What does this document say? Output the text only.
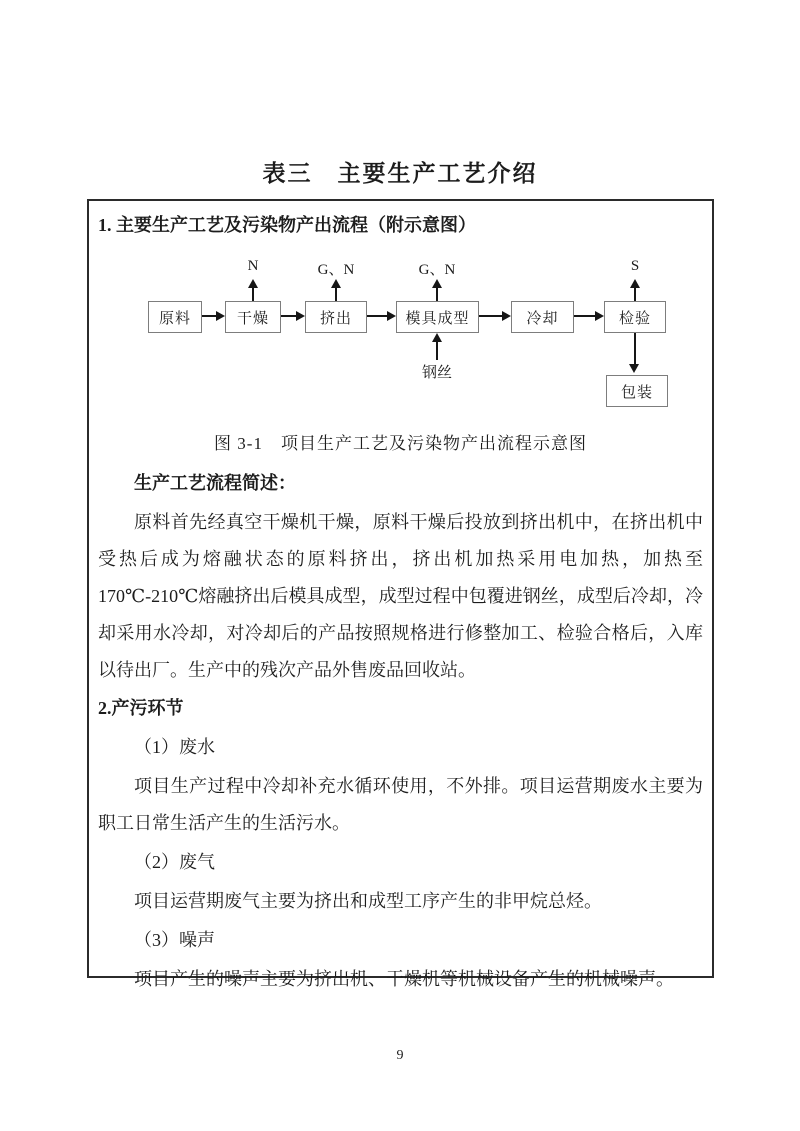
表三　主要生产工艺介绍
1. 主要生产工艺及污染物产出流程（附示意图）
N	G、N	G、N	S
原料	干燥	挤出	模具成型	冷却	检验
包装
钢丝
图 3-1　项目生产工艺及污染物产出流程示意图
生产工艺流程简述：

原料首先经真空干燥机干燥，原料干燥后投放到挤出机中，在挤出机中受热后成为熔融状态的原料挤出，挤出机加热采用电加热，加热至 170℃-210℃熔融挤出后模具成型，成型过程中包覆进钢丝，成型后冷却，冷却采用水冷却，对冷却后的产品按照规格进行修整加工、检验合格后，入库以待出厂。生产中的残次产品外售废品回收站。

2.产污环节
（1）废水

项目生产过程中冷却补充水循环使用，不外排。项目运营期废水主要为职工日常生活产生的生活污水。

（2）废气

项目运营期废气主要为挤出和成型工序产生的非甲烷总烃。

（3）噪声

项目产生的噪声主要为挤出机、干燥机等机械设备产生的机械噪声。

9
